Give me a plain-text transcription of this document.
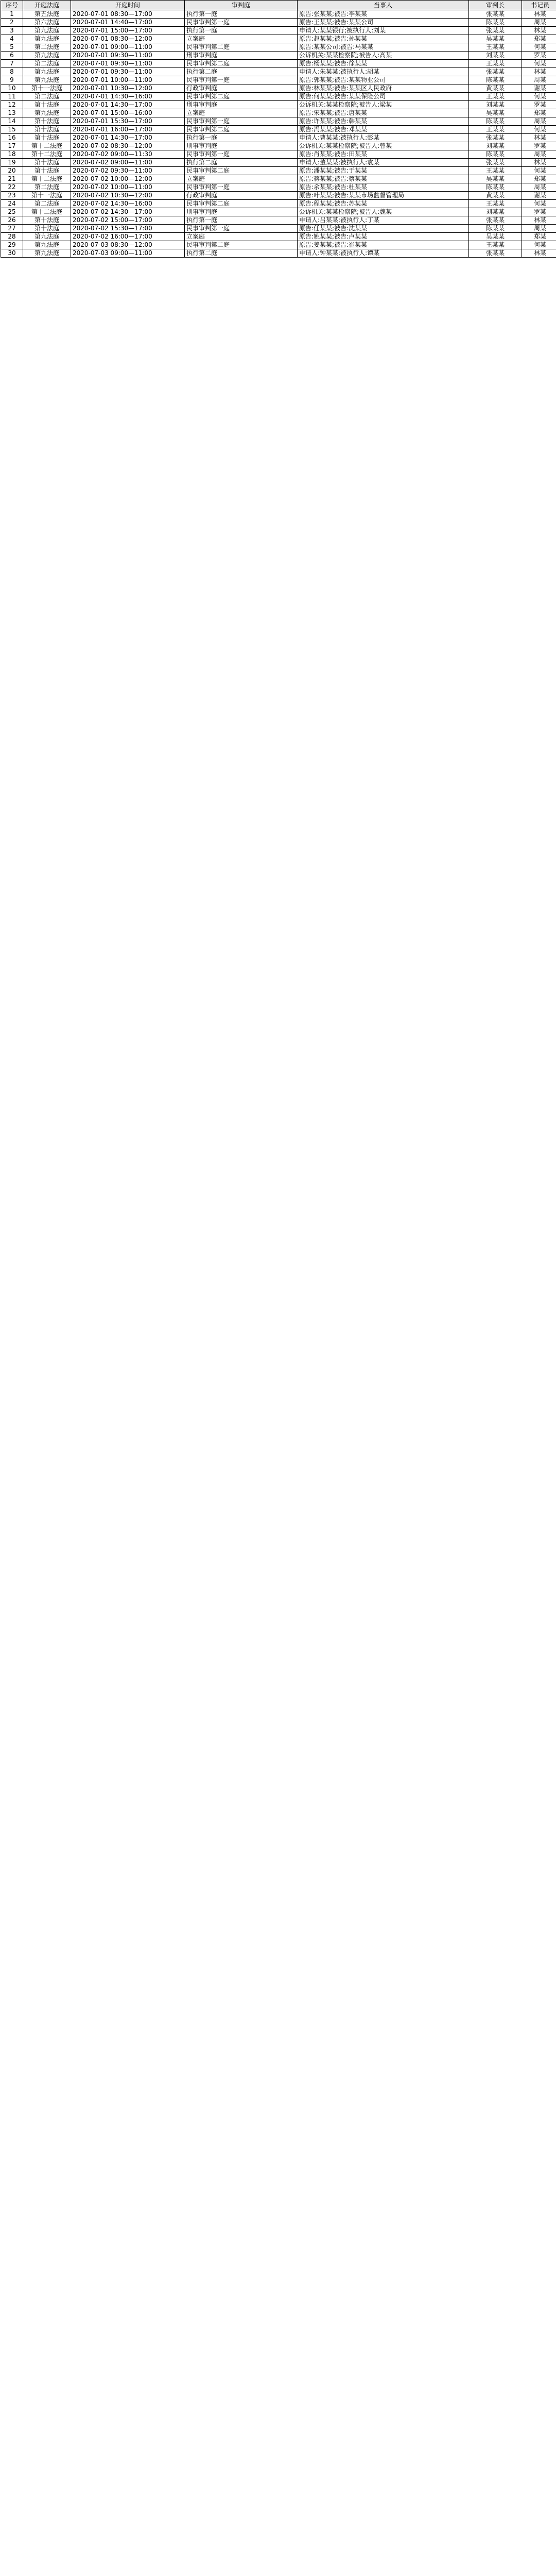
序号	开庭法庭	开庭时间	审判庭	当事人	审判长	书记员
1	第五法庭	2020-07-01 08:30—17:00	执行第一庭	原告:张某某;被告:李某某	张某某	林某
2	第六法庭	2020-07-01 14:40—17:00	民事审判第一庭	原告:王某某;被告:某某公司	陈某某	周某
3	第九法庭	2020-07-01 15:00—17:00	执行第一庭	申请人:某某银行;被执行人:刘某	张某某	林某
4	第九法庭	2020-07-01 08:30—12:00	立案庭	原告:赵某某;被告:孙某某	吴某某	郑某
5	第二法庭	2020-07-01 09:00—11:00	民事审判第二庭	原告:某某公司;被告:马某某	王某某	何某
6	第九法庭	2020-07-01 09:30—11:00	刑事审判庭	公诉机关:某某检察院;被告人:高某	刘某某	罗某
7	第二法庭	2020-07-01 09:30—11:00	民事审判第二庭	原告:杨某某;被告:徐某某	王某某	何某
8	第九法庭	2020-07-01 09:30—11:00	执行第二庭	申请人:朱某某;被执行人:胡某	张某某	林某
9	第九法庭	2020-07-01 10:00—11:00	民事审判第一庭	原告:郭某某;被告:某某物业公司	陈某某	周某
10	第十一法庭	2020-07-01 10:30—12:00	行政审判庭	原告:林某某;被告:某某区人民政府	黄某某	谢某
11	第二法庭	2020-07-01 14:30—16:00	民事审判第二庭	原告:何某某;被告:某某保险公司	王某某	何某
12	第十法庭	2020-07-01 14:30—17:00	刑事审判庭	公诉机关:某某检察院;被告人:梁某	刘某某	罗某
13	第九法庭	2020-07-01 15:00—16:00	立案庭	原告:宋某某;被告:唐某某	吴某某	郑某
14	第十法庭	2020-07-01 15:30—17:00	民事审判第一庭	原告:许某某;被告:韩某某	陈某某	周某
15	第十法庭	2020-07-01 16:00—17:00	民事审判第二庭	原告:冯某某;被告:邓某某	王某某	何某
16	第十法庭	2020-07-01 14:30—17:00	执行第一庭	申请人:曹某某;被执行人:彭某	张某某	林某
17	第十二法庭	2020-07-02 08:30—12:00	刑事审判庭	公诉机关:某某检察院;被告人:曾某	刘某某	罗某
18	第十二法庭	2020-07-02 09:00—11:30	民事审判第一庭	原告:肖某某;被告:田某某	陈某某	周某
19	第十法庭	2020-07-02 09:00—11:00	执行第二庭	申请人:董某某;被执行人:袁某	张某某	林某
20	第十法庭	2020-07-02 09:30—11:00	民事审判第二庭	原告:潘某某;被告:于某某	王某某	何某
21	第十二法庭	2020-07-02 10:00—12:00	立案庭	原告:蒋某某;被告:蔡某某	吴某某	郑某
22	第二法庭	2020-07-02 10:00—11:00	民事审判第一庭	原告:余某某;被告:杜某某	陈某某	周某
23	第十一法庭	2020-07-02 10:30—12:00	行政审判庭	原告:叶某某;被告:某某市场监督管理局	黄某某	谢某
24	第二法庭	2020-07-02 14:30—16:00	民事审判第二庭	原告:程某某;被告:苏某某	王某某	何某
25	第十二法庭	2020-07-02 14:30—17:00	刑事审判庭	公诉机关:某某检察院;被告人:魏某	刘某某	罗某
26	第十法庭	2020-07-02 15:00—17:00	执行第一庭	申请人:吕某某;被执行人:丁某	张某某	林某
27	第十法庭	2020-07-02 15:30—17:00	民事审判第一庭	原告:任某某;被告:沈某某	陈某某	周某
28	第九法庭	2020-07-02 16:00—17:00	立案庭	原告:姚某某;被告:卢某某	吴某某	郑某
29	第九法庭	2020-07-03 08:30—12:00	民事审判第二庭	原告:姜某某;被告:崔某某	王某某	何某
30	第九法庭	2020-07-03 09:00—11:00	执行第二庭	申请人:钟某某;被执行人:谭某	张某某	林某
